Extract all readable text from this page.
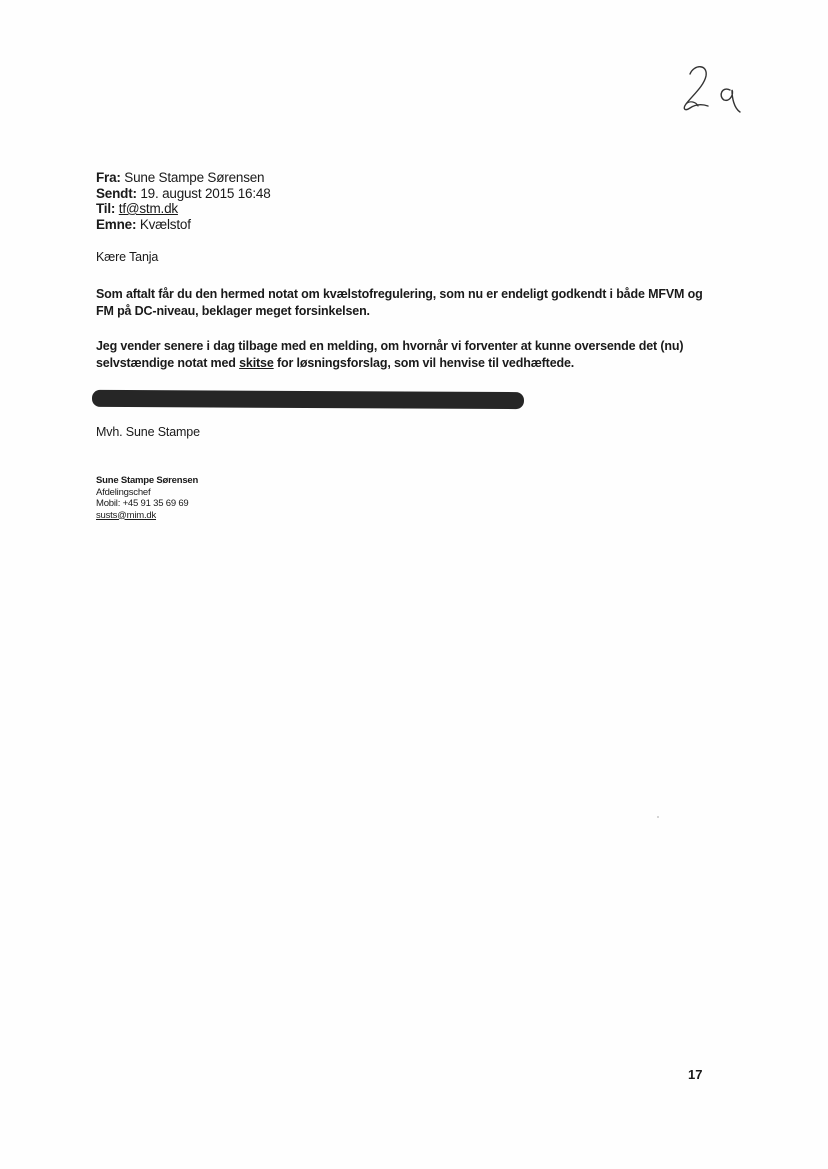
Fra: Sune Stampe Sørensen
Sendt: 19. august 2015 16:48
Til: tf@stm.dk
Emne: Kvælstof
Kære Tanja
Som aftalt får du den hermed notat om kvælstofregulering, som nu er endeligt godkendt i både MFVM og
FM på DC-niveau, beklager meget forsinkelsen.
Jeg vender senere i dag tilbage med en melding, om hvornår vi forventer at kunne oversende det (nu)
selvstændige notat med skitse for løsningsforslag, som vil henvise til vedhæftede.
Mvh. Sune Stampe
Sune Stampe Sørensen
Afdelingschef
Mobil: +45 91 35 69 69
susts@mim.dk
17
